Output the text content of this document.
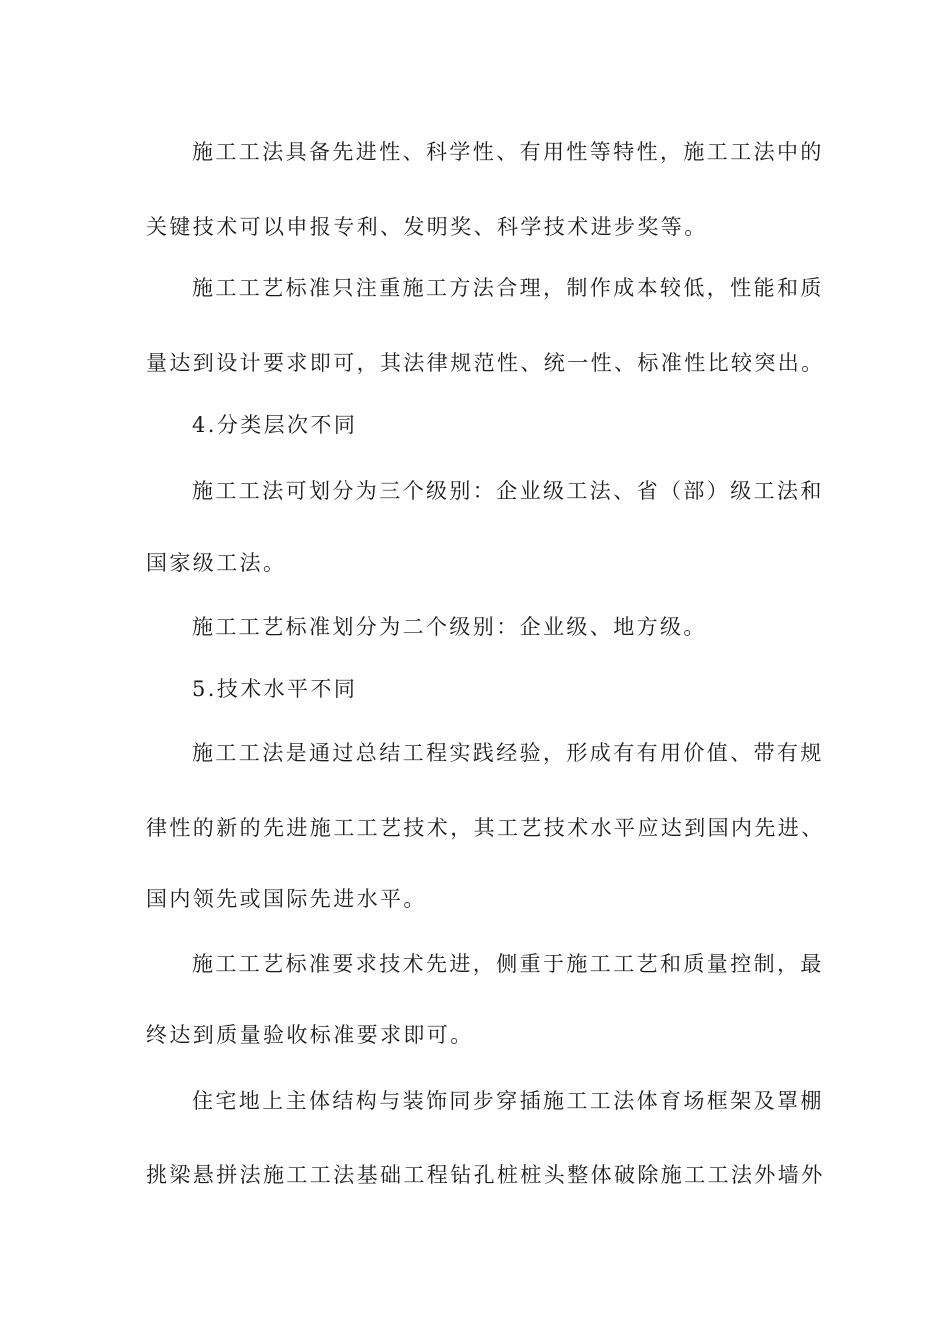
施工工法具备先进性、科学性、有用性等特性，施工工法中的
关键技术可以申报专利、发明奖、科学技术进步奖等。
施工工艺标准只注重施工方法合理，制作成本较低，性能和质
量达到设计要求即可，其法律规范性、统一性、标准性比较突出。
4.分类层次不同
施工工法可划分为三个级别：企业级工法、省（部）级工法和
国家级工法。
施工工艺标准划分为二个级别：企业级、地方级。
5.技术水平不同
施工工法是通过总结工程实践经验，形成有有用价值、带有规
律性的新的先进施工工艺技术，其工艺技术水平应达到国内先进、
国内领先或国际先进水平。
施工工艺标准要求技术先进，侧重于施工工艺和质量控制，最
终达到质量验收标准要求即可。
住宅地上主体结构与装饰同步穿插施工工法体育场框架及罩棚
挑梁悬拼法施工工法基础工程钻孔桩桩头整体破除施工工法外墙外
